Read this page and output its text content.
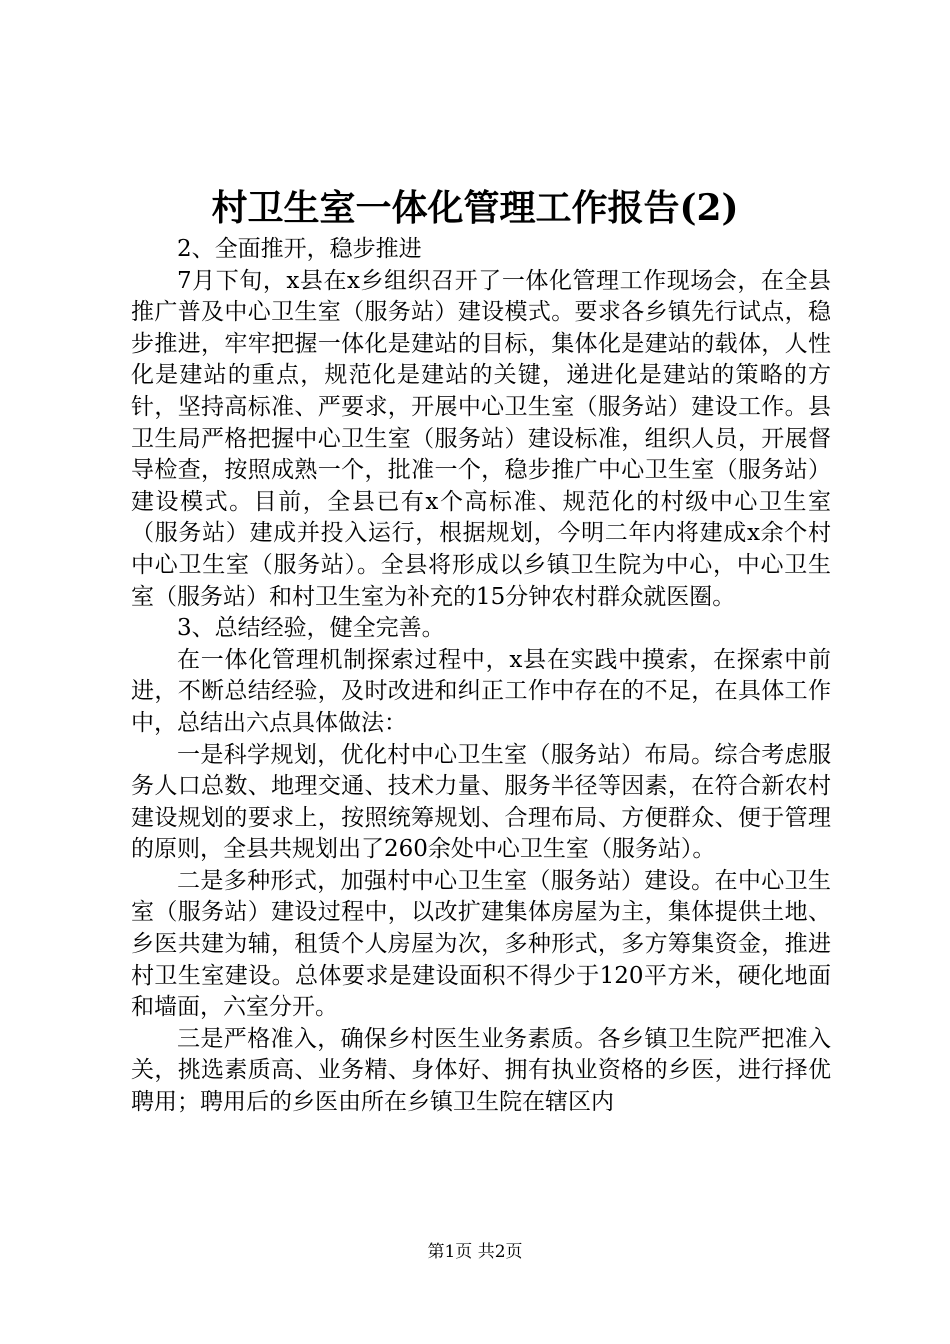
村卫生室一体化管理工作报告(2)

2、全面推开，稳步推进

7月下旬，x县在x乡组织召开了一体化管理工作现场会，在全县推广普及中心卫生室（服务站）建设模式。要求各乡镇先行试点，稳步推进，牢牢把握一体化是建站的目标，集体化是建站的载体，人性化是建站的重点，规范化是建站的关键，递进化是建站的策略的方针，坚持高标准、严要求，开展中心卫生室（服务站）建设工作。县卫生局严格把握中心卫生室（服务站）建设标准，组织人员，开展督导检查，按照成熟一个，批准一个，稳步推广中心卫生室（服务站）建设模式。目前，全县已有x个高标准、规范化的村级中心卫生室（服务站）建成并投入运行，根据规划，今明二年内将建成x余个村中心卫生室（服务站）。全县将形成以乡镇卫生院为中心，中心卫生室（服务站）和村卫生室为补充的15分钟农村群众就医圈。

3、总结经验，健全完善。

在一体化管理机制探索过程中，x县在实践中摸索，在探索中前进，不断总结经验，及时改进和纠正工作中存在的不足，在具体工作中，总结出六点具体做法：

一是科学规划，优化村中心卫生室（服务站）布局。综合考虑服务人口总数、地理交通、技术力量、服务半径等因素，在符合新农村建设规划的要求上，按照统筹规划、合理布局、方便群众、便于管理的原则，全县共规划出了260余处中心卫生室（服务站）。

二是多种形式，加强村中心卫生室（服务站）建设。在中心卫生室（服务站）建设过程中，以改扩建集体房屋为主，集体提供土地、乡医共建为辅，租赁个人房屋为次，多种形式，多方筹集资金，推进村卫生室建设。总体要求是建设面积不得少于120平方米，硬化地面和墙面，六室分开。

三是严格准入，确保乡村医生业务素质。各乡镇卫生院严把准入关，挑选素质高、业务精、身体好、拥有执业资格的乡医，进行择优聘用；聘用后的乡医由所在乡镇卫生院在辖区内

第1页 共2页
